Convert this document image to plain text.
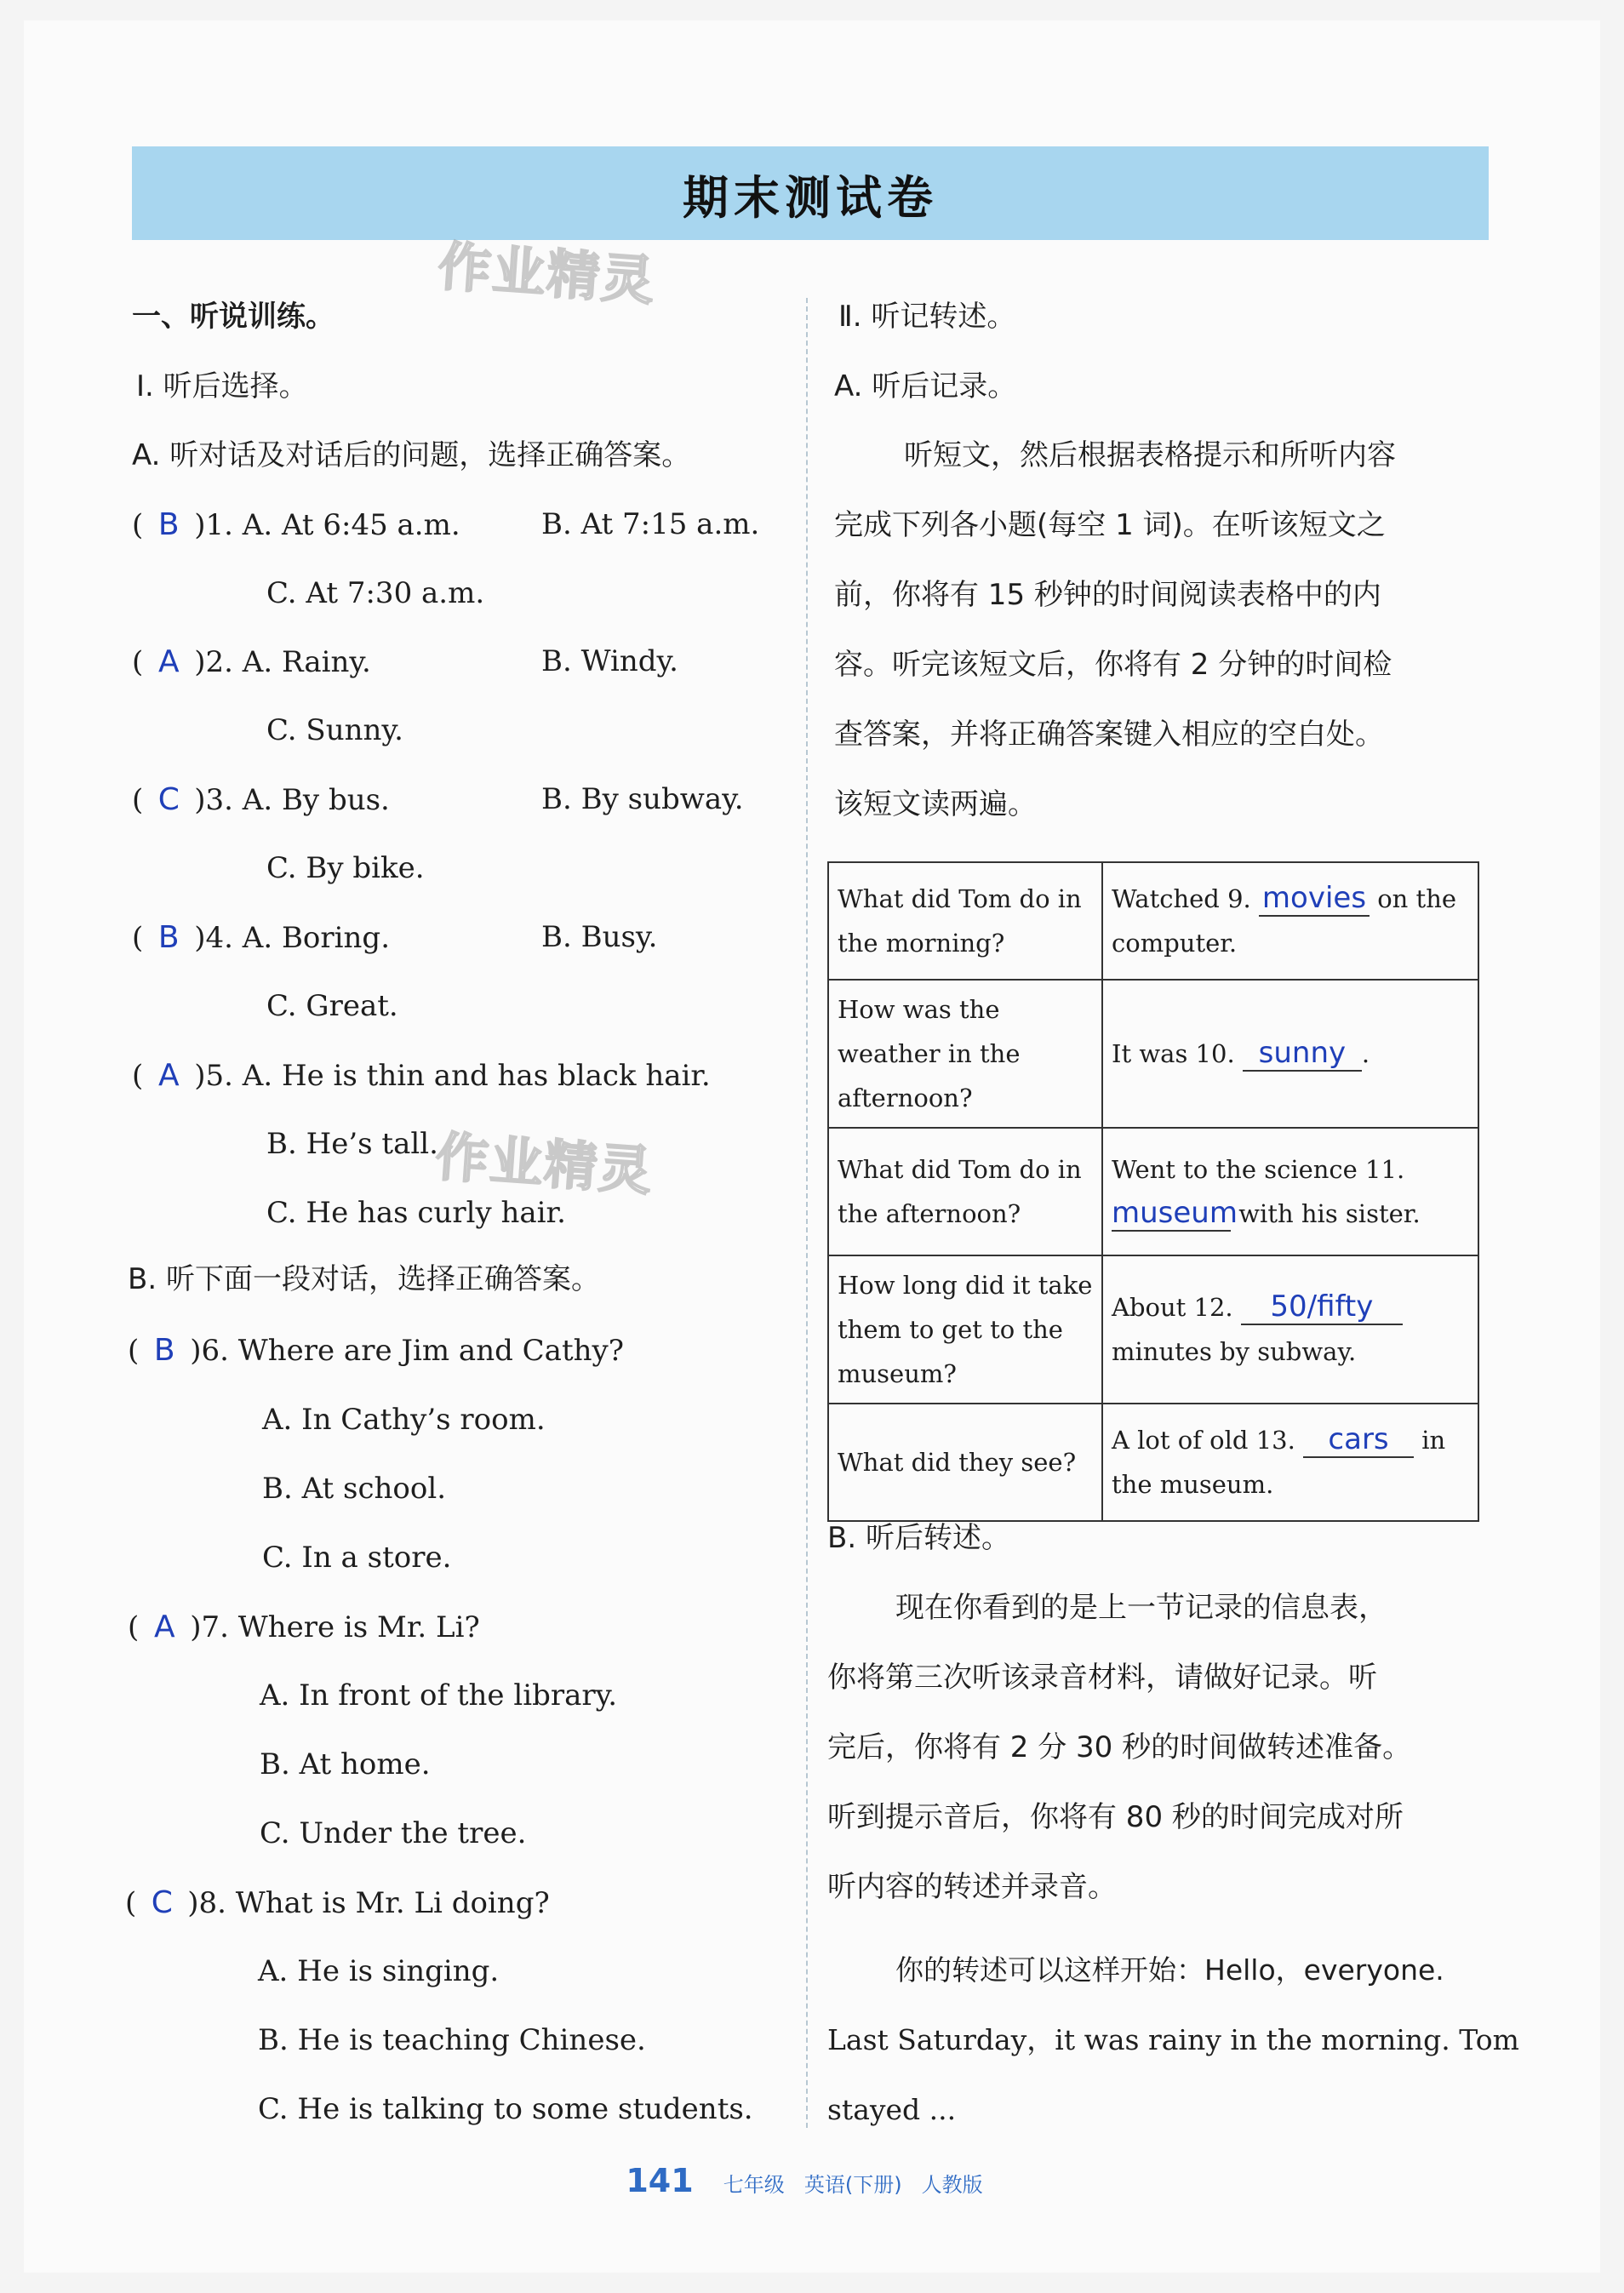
期末测试卷
作业精灵
作业精灵
一、听说训练。
Ⅰ. 听后选择。
A. 听对话及对话后的问题，选择正确答案。
( B )1. A. At 6:45 a.m.	B. At 7:15 a.m.
C. At 7:30 a.m.
( A )2. A. Rainy.	B. Windy.
C. Sunny.
( C )3. A. By bus.	B. By subway.
C. By bike.
( B )4. A. Boring.	B. Busy.
C. Great.
( A )5. A. He is thin and has black hair.
B. He’s tall.
C. He has curly hair.
B. 听下面一段对话，选择正确答案。
( B )6. Where are Jim and Cathy?
A. In Cathy’s room.
B. At school.
C. In a store.
( A )7. Where is Mr. Li?
A. In front of the library.
B. At home.
C. Under the tree.
( C )8. What is Mr. Li doing?
A. He is singing.
B. He is teaching Chinese.
C. He is talking to some students.
Ⅱ. 听记转述。
A. 听后记录。
听短文，然后根据表格提示和所听内容
完成下列各小题(每空 1 词)。在听该短文之
前，你将有 15 秒钟的时间阅读表格中的内
容。听完该短文后，你将有 2 分钟的时间检
查答案，并将正确答案键入相应的空白处。
该短文读两遍。
What did Tom do in the morning?	Watched 9. movies on the computer.
How was the weather in the afternoon?	It was 10. sunny .
What did Tom do in the afternoon?	Went to the science 11.museum with his sister.
How long did it take them to get to the museum?	About 12. 50/fifty minutes by subway.
What did they see?	A lot of old 13. cars in the museum.
B. 听后转述。
现在你看到的是上一节记录的信息表，
你将第三次听该录音材料，请做好记录。听
完后，你将有 2 分 30 秒的时间做转述准备。
听到提示音后，你将有 80 秒的时间完成对所
听内容的转述并录音。
你的转述可以这样开始：Hello，everyone.
Last Saturday，it was rainy in the morning. Tom
stayed ...
141 七年级 英语(下册) 人教版
